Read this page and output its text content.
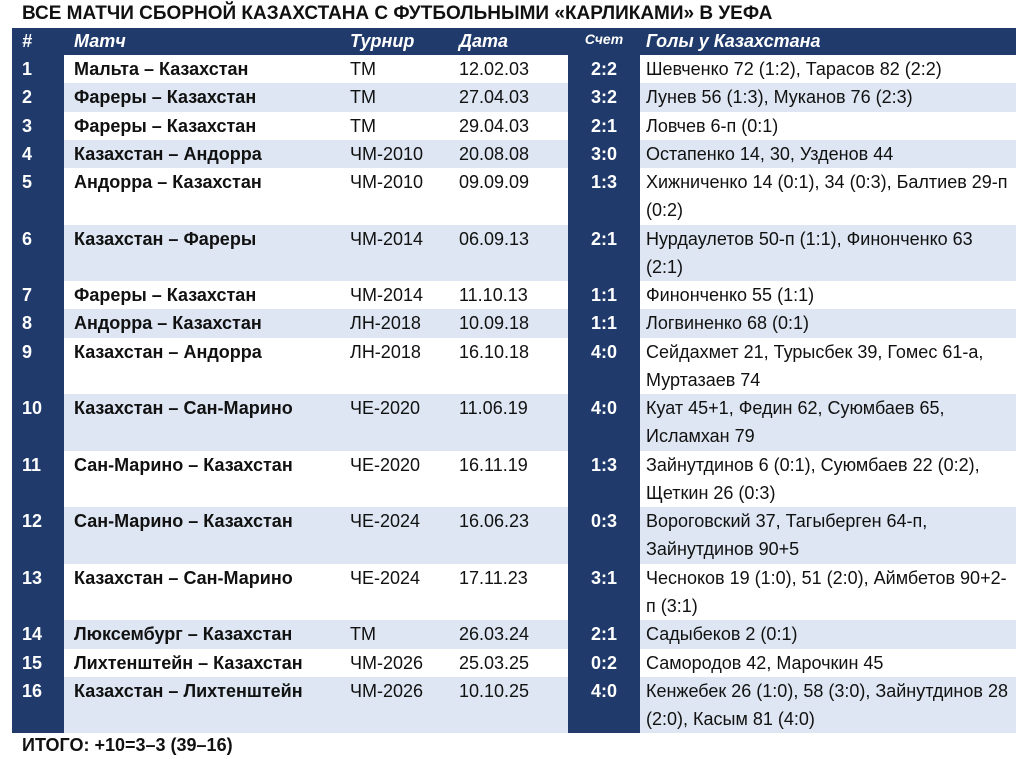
ВСЕ МАТЧИ СБОРНОЙ КАЗАХСТАНА С ФУТБОЛЬНЫМИ «КАРЛИКАМИ» В УЕФА
#	Матч	Турнир	Дата	Счет	Голы у Казахстана
1	Мальта – Казахстан	ТМ	12.02.03	2:2	Шевченко 72 (1:2), Тарасов 82 (2:2)
2	Фареры – Казахстан	ТМ	27.04.03	3:2	Лунев 56 (1:3), Муканов 76 (2:3)
3	Фареры – Казахстан	ТМ	29.04.03	2:1	Ловчев 6-п (0:1)
4	Казахстан – Андорра	ЧМ-2010	20.08.08	3:0	Остапенко 14, 30, Узденов 44
5	Андорра – Казахстан	ЧМ-2010	09.09.09	1:3	Хижниченко 14 (0:1), 34 (0:3), Балтиев 29-п (0:2)
6	Казахстан – Фареры	ЧМ-2014	06.09.13	2:1	Нурдаулетов 50-п (1:1), Финонченко 63 (2:1)
7	Фареры – Казахстан	ЧМ-2014	11.10.13	1:1	Финонченко 55 (1:1)
8	Андорра – Казахстан	ЛН-2018	10.09.18	1:1	Логвиненко 68 (0:1)
9	Казахстан – Андорра	ЛН-2018	16.10.18	4:0	Сейдахмет 21, Турысбек 39, Гомес 61-а, Муртазаев 74
10	Казахстан – Сан-Марино	ЧЕ-2020	11.06.19	4:0	Куат 45+1, Федин 62, Суюмбаев 65, Исламхан 79
11	Сан-Марино – Казахстан	ЧЕ-2020	16.11.19	1:3	Зайнутдинов 6 (0:1), Суюмбаев 22 (0:2), Щеткин 26 (0:3)
12	Сан-Марино – Казахстан	ЧЕ-2024	16.06.23	0:3	Вороговский 37, Тагыберген 64-п, Зайнутдинов 90+5
13	Казахстан – Сан-Марино	ЧЕ-2024	17.11.23	3:1	Чесноков 19 (1:0), 51 (2:0), Аймбетов 90+2-п (3:1)
14	Люксембург – Казахстан	ТМ	26.03.24	2:1	Садыбеков 2 (0:1)
15	Лихтенштейн – Казахстан	ЧМ-2026	25.03.25	0:2	Самородов 42, Марочкин 45
16	Казахстан – Лихтенштейн	ЧМ-2026	10.10.25	4:0	Кенжебек 26 (1:0), 58 (3:0), Зайнутдинов 28 (2:0), Касым 81 (4:0)
ИТОГО: +10=3–3 (39–16)
